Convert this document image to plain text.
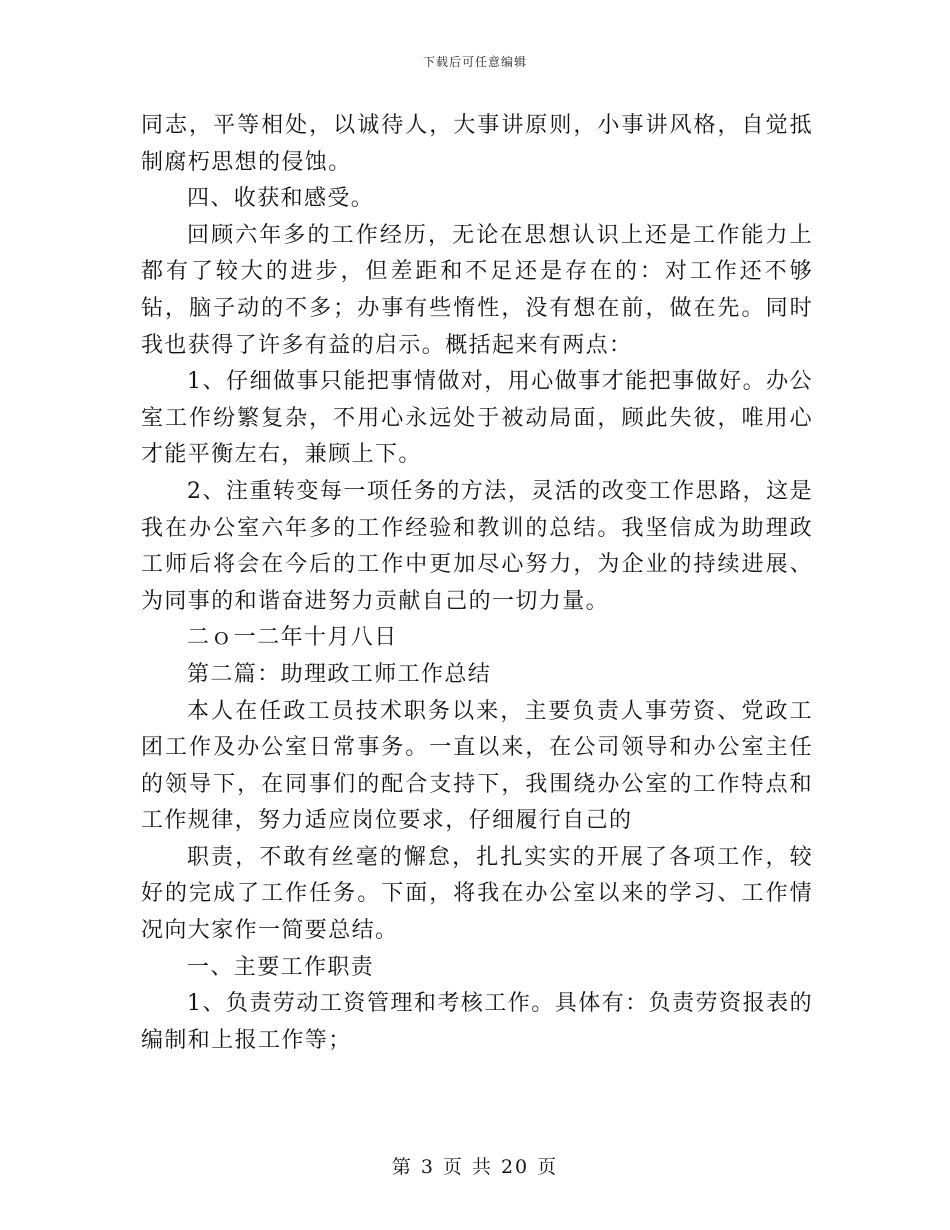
下载后可任意编辑

同志，平等相处，以诚待人，大事讲原则，小事讲风格，自觉抵制腐朽思想的侵蚀。

四、收获和感受。

回顾六年多的工作经历，无论在思想认识上还是工作能力上都有了较大的进步，但差距和不足还是存在的：对工作还不够钻，脑子动的不多；办事有些惰性，没有想在前，做在先。同时我也获得了许多有益的启示。概括起来有两点：

1、仔细做事只能把事情做对，用心做事才能把事做好。办公室工作纷繁复杂，不用心永远处于被动局面，顾此失彼，唯用心才能平衡左右，兼顾上下。

2、注重转变每一项任务的方法，灵活的改变工作思路，这是我在办公室六年多的工作经验和教训的总结。我坚信成为助理政工师后将会在今后的工作中更加尽心努力，为企业的持续进展、为同事的和谐奋进努力贡献自己的一切力量。

二ｏ一二年十月八日

第二篇：助理政工师工作总结

本人在任政工员技术职务以来，主要负责人事劳资、党政工团工作及办公室日常事务。一直以来，在公司领导和办公室主任的领导下，在同事们的配合支持下，我围绕办公室的工作特点和工作规律，努力适应岗位要求，仔细履行自己的

职责，不敢有丝毫的懈怠，扎扎实实的开展了各项工作，较好的完成了工作任务。下面，将我在办公室以来的学习、工作情况向大家作一简要总结。

一、主要工作职责

1、负责劳动工资管理和考核工作。具体有：负责劳资报表的编制和上报工作等；

第 3 页 共 20 页
